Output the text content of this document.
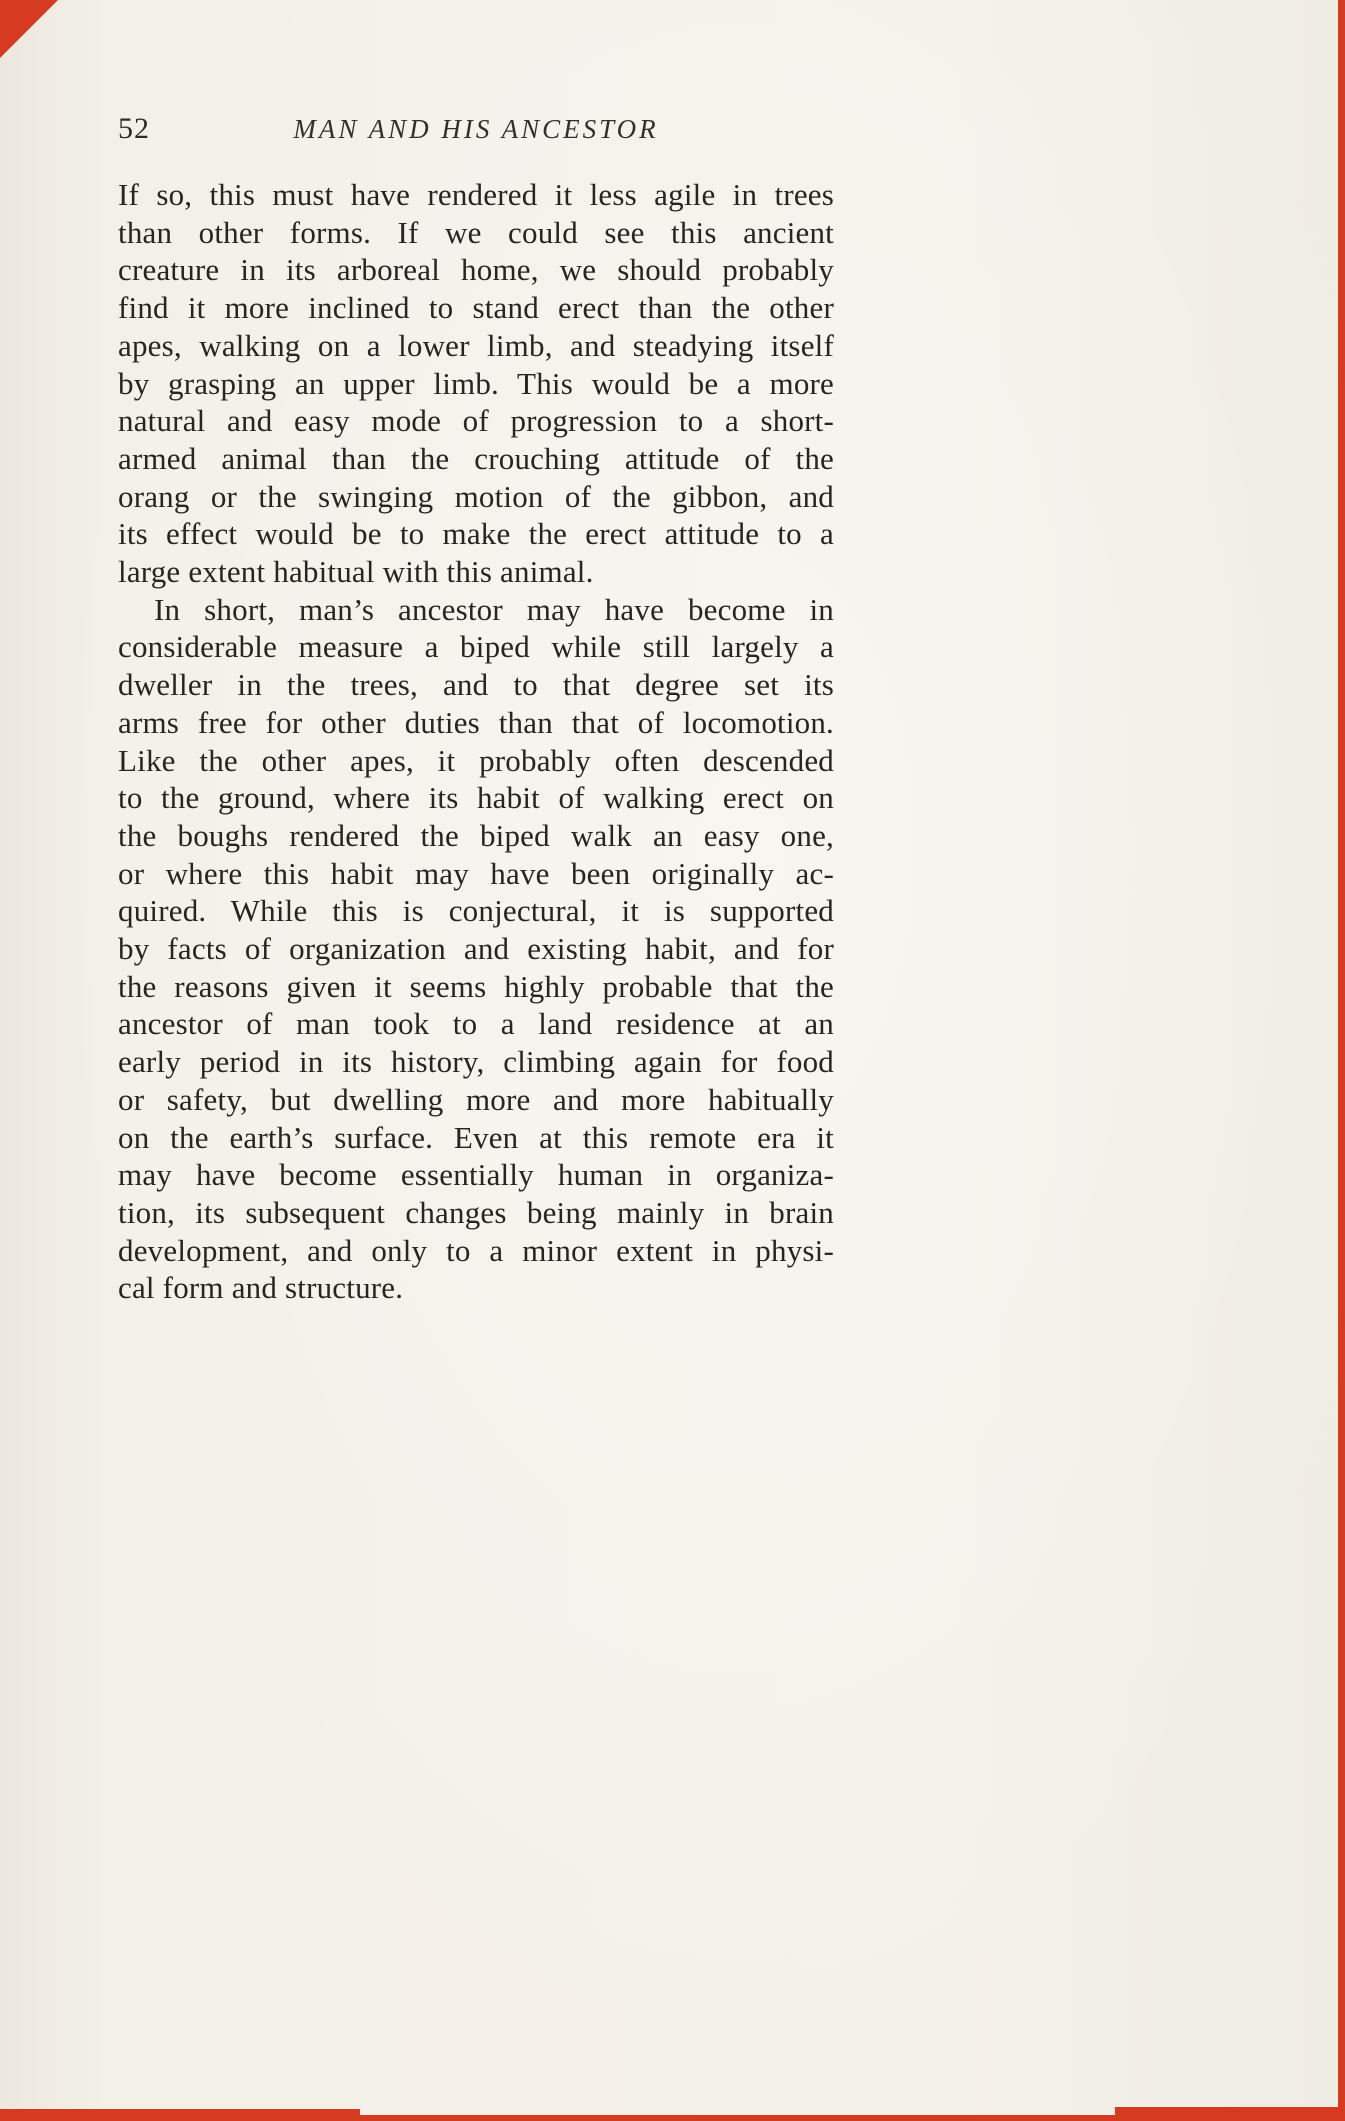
52	MAN AND HIS ANCESTOR
If so, this must have rendered it less agile in trees
than other forms. If we could see this ancient
creature in its arboreal home, we should probably
find it more inclined to stand erect than the other
apes, walking on a lower limb, and steadying itself
by grasping an upper limb. This would be a more
natural and easy mode of progression to a short-
armed animal than the crouching attitude of the
orang or the swinging motion of the gibbon, and
its effect would be to make the erect attitude to a
large extent habitual with this animal.
In short, man’s ancestor may have become in
considerable measure a biped while still largely a
dweller in the trees, and to that degree set its
arms free for other duties than that of locomotion.
Like the other apes, it probably often descended
to the ground, where its habit of walking erect on
the boughs rendered the biped walk an easy one,
or where this habit may have been originally ac-
quired. While this is conjectural, it is supported
by facts of organization and existing habit, and for
the reasons given it seems highly probable that the
ancestor of man took to a land residence at an
early period in its history, climbing again for food
or safety, but dwelling more and more habitually
on the earth’s surface. Even at this remote era it
may have become essentially human in organiza-
tion, its subsequent changes being mainly in brain
development, and only to a minor extent in physi-
cal form and structure.
